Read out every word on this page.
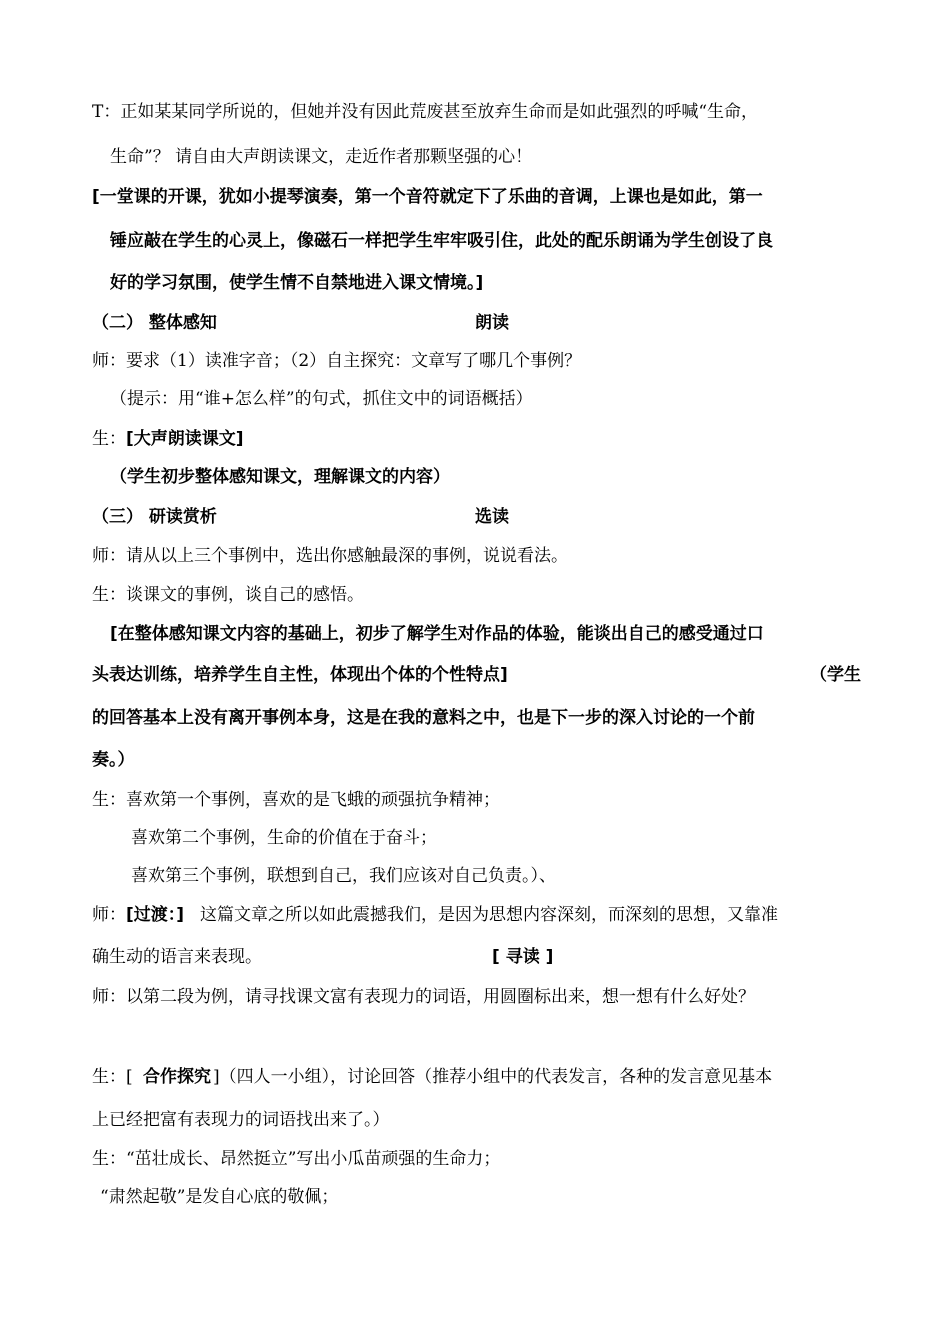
T：正如某某同学所说的，但她并没有因此荒废甚至放弃生命而是如此强烈的呼喊“生命，
生命”？ 请自由大声朗读课文，走近作者那颗坚强的心！
[一堂课的开课，犹如小提琴演奏，第一个音符就定下了乐曲的音调，上课也是如此，第一
锤应敲在学生的心灵上，像磁石一样把学生牢牢吸引住，此处的配乐朗诵为学生创设了良
好的学习氛围，使学生情不自禁地进入课文情境。]
（二） 整体感知	朗读
师：要求（1）读准字音；（2）自主探究：文章写了哪几个事例？
（提示：用“谁+怎么样”的句式，抓住文中的词语概括）
生： [大声朗读课文]
（学生初步整体感知课文，理解课文的内容）
（三） 研读赏析	选读
师：请从以上三个事例中，选出你感触最深的事例，说说看法。
生：谈课文的事例，谈自己的感悟。
[在整体感知课文内容的基础上，初步了解学生对作品的体验，能谈出自己的感受通过口
头表达训练，培养学生自主性，体现出个体的个性特点]	（学生
的回答基本上没有离开事例本身，这是在我的意料之中，也是下一步的深入讨论的一个前
奏。）
生：喜欢第一个事例，喜欢的是飞蛾的顽强抗争精神；
喜欢第二个事例，生命的价值在于奋斗；
喜欢第三个事例，联想到自己，我们应该对自己负责。）、
师： [过渡：] 这篇文章之所以如此震撼我们，是因为思想内容深刻，而深刻的思想，又靠准
确生动的语言来表现。	[ 寻读 ]
师：以第二段为例，请寻找课文富有表现力的词语，用圆圈标出来，想一想有什么好处？
生：[ 合作探究 ]（四人一小组），讨论回答（推荐小组中的代表发言，各种的发言意见基本
上已经把富有表现力的词语找出来了。）
生：“茁壮成长、昂然挺立”写出小瓜苗顽强的生命力；
“肃然起敬”是发自心底的敬佩；
